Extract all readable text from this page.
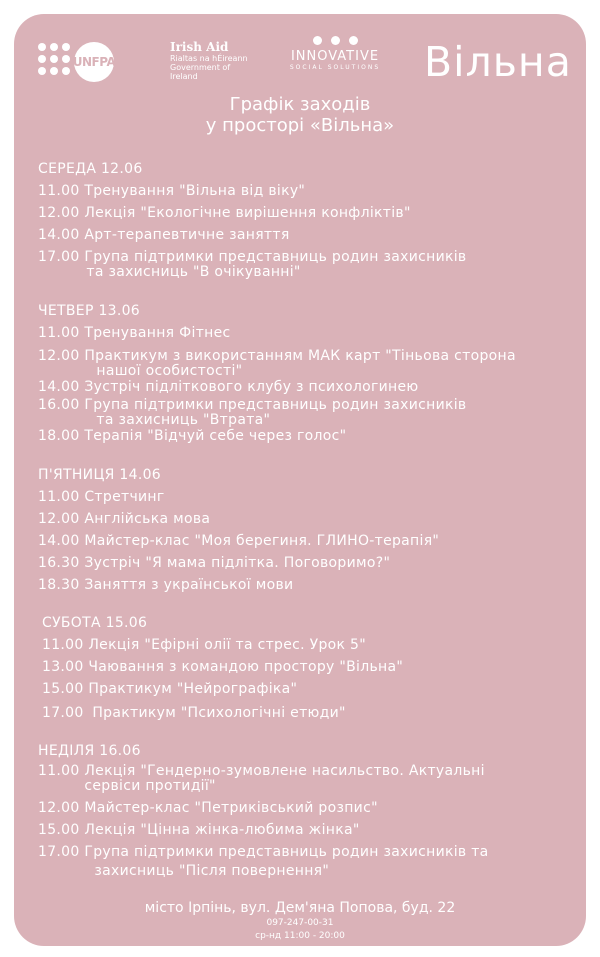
UNFPA
Irish Aid
Rialtas na hÉireann
Government of Ireland
INNOVATIVE
SOCIAL SOLUTIONS Вільна
Графік заходів
у просторі «Вільна»
СЕРЕДА 12.06
11.00 Тренування "Вільна від віку"
12.00 Лекція "Екологічне вирішення конфліктів"
14.00 Арт-терапевтичне заняття
17.00 Група підтримки представниць родин захисників
та захисниць "В очікуванні"
ЧЕТВЕР 13.06
11.00 Тренування Фітнес
12.00 Практикум з використанням МАК карт "Тіньова сторона
нашої особистості"
14.00 Зустріч підліткового клубу з психологинею
16.00 Група підтримки представниць родин захисників
та захисниць "Втрата"
18.00 Терапія "Відчуй себе через голос"
П'ЯТНИЦЯ 14.06
11.00 Стретчинг
12.00 Англійська мова
14.00 Майстер-клас "Моя берегиня. ГЛИНО-терапія"
16.30 Зустріч "Я мама підлітка. Поговоримо?"
18.30 Заняття з української мови
СУБОТА 15.06
11.00 Лекція "Ефірні олії та стрес. Урок 5"
13.00 Чаювання з командою простору "Вільна"
15.00 Практикум "Нейрографіка"
17.00 Практикум "Психологічні етюди"
НЕДІЛЯ 16.06
11.00 Лекція "Гендерно-зумовлене насильство. Актуальні
сервіси протидії"
12.00 Майстер-клас "Петриківський розпис"
15.00 Лекція "Цінна жінка-любима жінка"
17.00 Група підтримки представниць родин захисників та
захисниць "Після повернення"
місто Ірпінь, вул. Дем'яна Попова, буд. 22
097-247-00-31
ср-нд 11:00 - 20:00
